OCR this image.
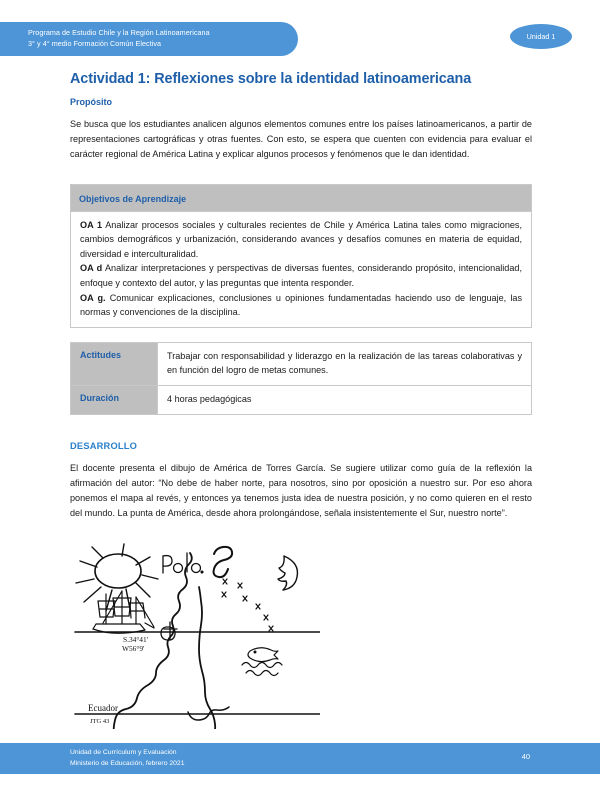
Programa de Estudio Chile y la Región Latinoamericana
3° y 4° medio Formación Común Electiva
Unidad 1
Actividad 1: Reflexiones sobre la identidad latinoamericana
Propósito

Se busca que los estudiantes analicen algunos elementos comunes entre los países latinoamericanos, a partir de representaciones cartográficas y otras fuentes. Con esto, se espera que cuenten con evidencia para evaluar el carácter regional de América Latina y explicar algunos procesos y fenómenos que le dan identidad.

Objetivos de Aprendizaje

OA 1 Analizar procesos sociales y culturales recientes de Chile y América Latina tales como migraciones, cambios demográficos y urbanización, considerando avances y desafíos comunes en materia de equidad, diversidad e interculturalidad.

OA d Analizar interpretaciones y perspectivas de diversas fuentes, considerando propósito, intencionalidad, enfoque y contexto del autor, y las preguntas que intenta responder.

OA g. Comunicar explicaciones, conclusiones u opiniones fundamentadas haciendo uso de lenguaje, las normas y convenciones de la disciplina.

Actitudes	Trabajar con responsabilidad y liderazgo en la realización de las tareas colaborativas y en función del logro de metas comunes.
Duración	4 horas pedagógicas
DESARROLLO

El docente presenta el dibujo de América de Torres García. Se sugiere utilizar como guía de la reflexión la afirmación del autor: “No debe de haber norte, para nosotros, sino por oposición a nuestro sur. Por eso ahora ponemos el mapa al revés, y entonces ya tenemos justa idea de nuestra posición, y no como quieren en el resto del mundo. La punta de América, desde ahora prolongándose, señala insistentemente el Sur, nuestro norte”.

S.34°41'
W56°9'
Ecuador
JTG 43
Unidad de Currículum y Evaluación
Ministerio de Educación, febrero 2021
40
